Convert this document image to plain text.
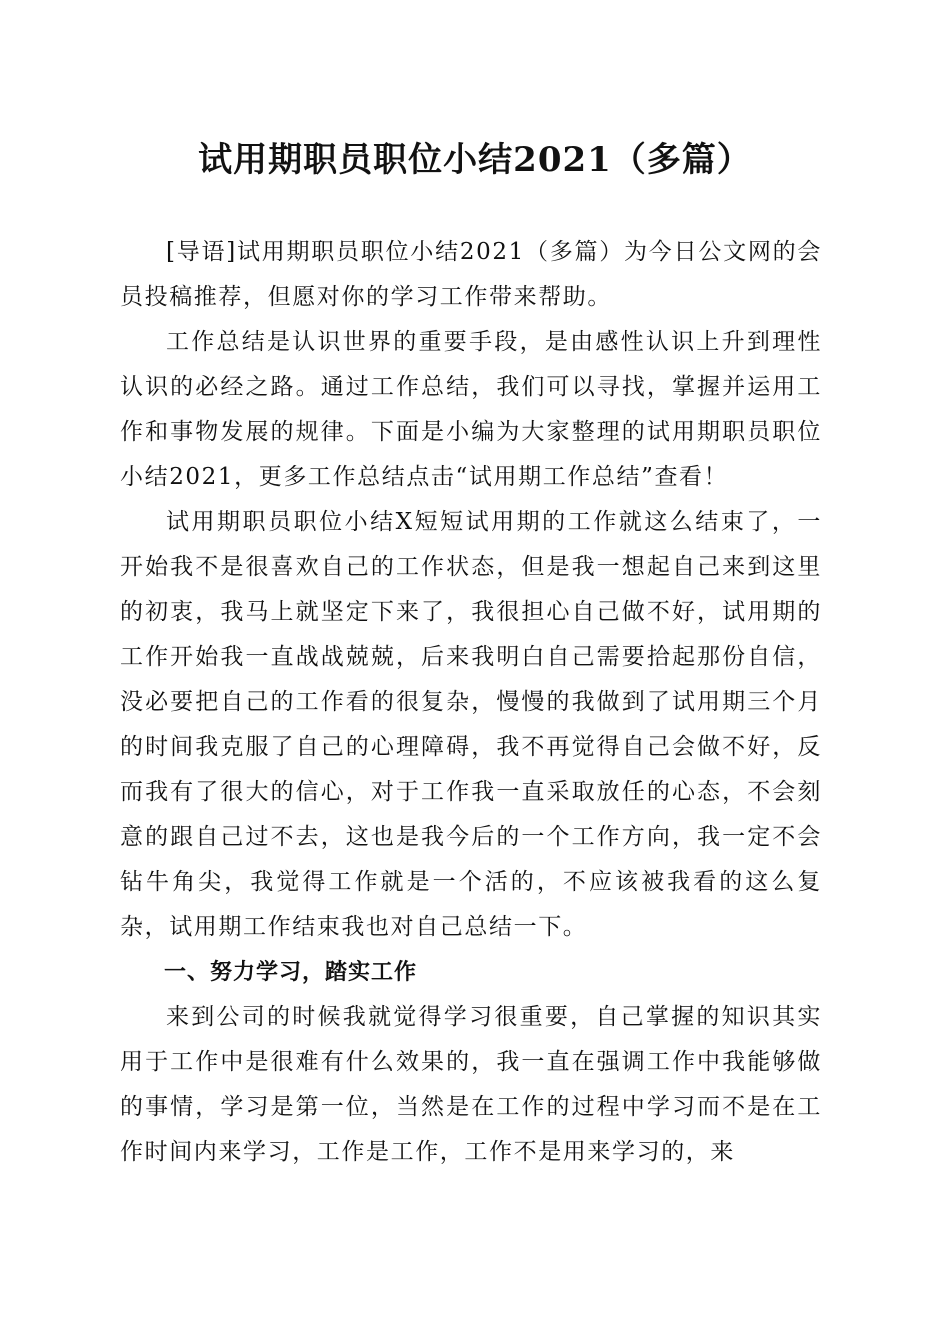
试用期职员职位小结2021（多篇）

[导语]试用期职员职位小结2021（多篇）为今日公文网的会员投稿推荐，但愿对你的学习工作带来帮助。

工作总结是认识世界的重要手段，是由感性认识上升到理性认识的必经之路。通过工作总结，我们可以寻找，掌握并运用工作和事物发展的规律。下面是小编为大家整理的试用期职员职位小结2021，更多工作总结点击“试用期工作总结”查看！

试用期职员职位小结X短短试用期的工作就这么结束了，一开始我不是很喜欢自己的工作状态，但是我一想起自己来到这里的初衷，我马上就坚定下来了，我很担心自己做不好，试用期的工作开始我一直战战兢兢，后来我明白自己需要拾起那份自信，没必要把自己的工作看的很复杂，慢慢的我做到了试用期三个月的时间我克服了自己的心理障碍，我不再觉得自己会做不好，反而我有了很大的信心，对于工作我一直采取放任的心态，不会刻意的跟自己过不去，这也是我今后的一个工作方向，我一定不会钻牛角尖，我觉得工作就是一个活的，不应该被我看的这么复杂，试用期工作结束我也对自己总结一下。

一、努力学习，踏实工作

来到公司的时候我就觉得学习很重要，自己掌握的知识其实用于工作中是很难有什么效果的，我一直在强调工作中我能够做的事情，学习是第一位，当然是在工作的过程中学习而不是在工作时间内来学习，工作是工作，工作不是用来学习的，来
